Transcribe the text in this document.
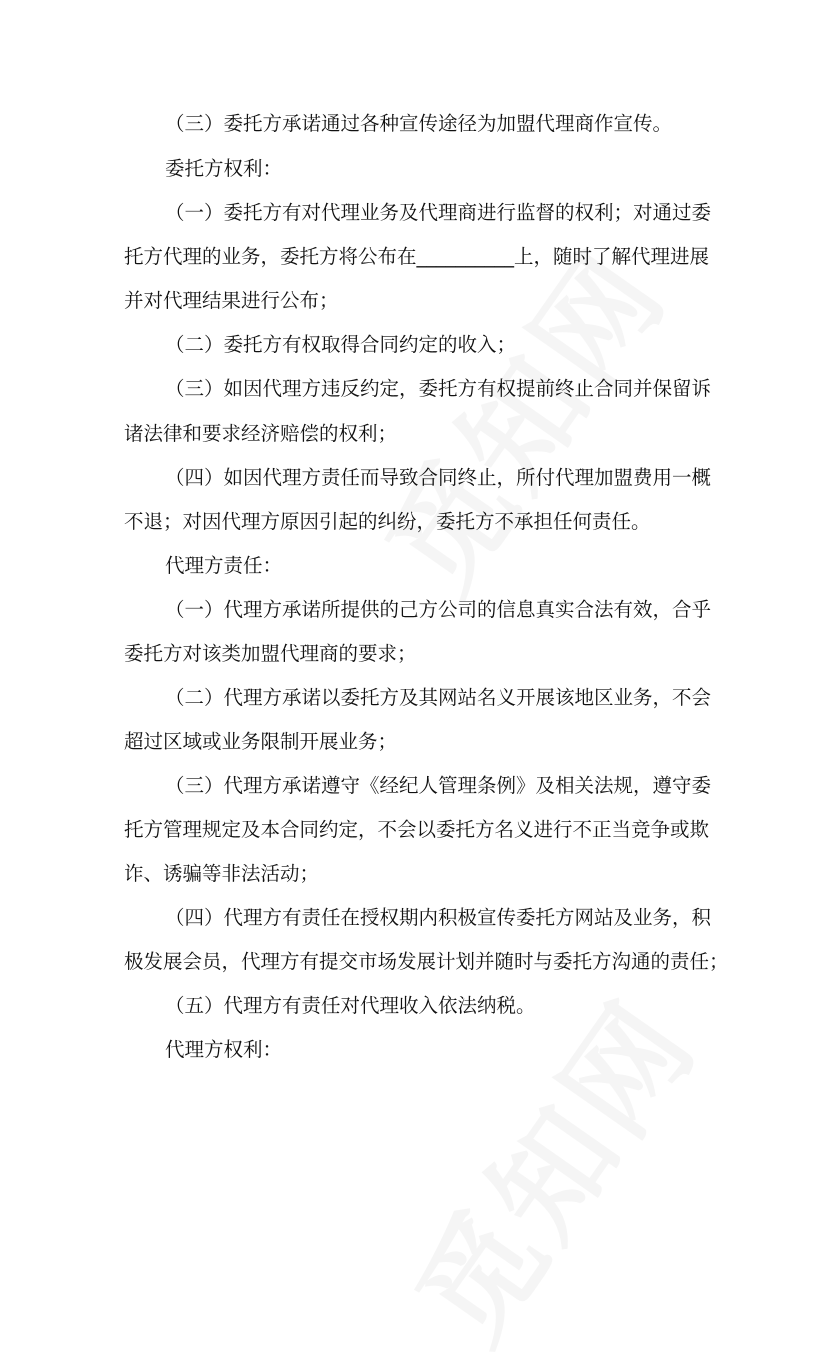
（三）委托方承诺通过各种宣传途径为加盟代理商作宣传。

委托方权利：

（一）委托方有对代理业务及代理商进行监督的权利；对通过委

托方代理的业务，委托方将公布在__________上，随时了解代理进展

并对代理结果进行公布；

（二）委托方有权取得合同约定的收入；

（三）如因代理方违反约定，委托方有权提前终止合同并保留诉

诸法律和要求经济赔偿的权利；

（四）如因代理方责任而导致合同终止，所付代理加盟费用一概

不退；对因代理方原因引起的纠纷，委托方不承担任何责任。

代理方责任：

（一）代理方承诺所提供的己方公司的信息真实合法有效，合乎

委托方对该类加盟代理商的要求；

（二）代理方承诺以委托方及其网站名义开展该地区业务，不会

超过区域或业务限制开展业务；

（三）代理方承诺遵守《经纪人管理条例》及相关法规，遵守委

托方管理规定及本合同约定，不会以委托方名义进行不正当竞争或欺

诈、诱骗等非法活动；

（四）代理方有责任在授权期内积极宣传委托方网站及业务，积

极发展会员，代理方有提交市场发展计划并随时与委托方沟通的责任；

（五）代理方有责任对代理收入依法纳税。

代理方权利：
